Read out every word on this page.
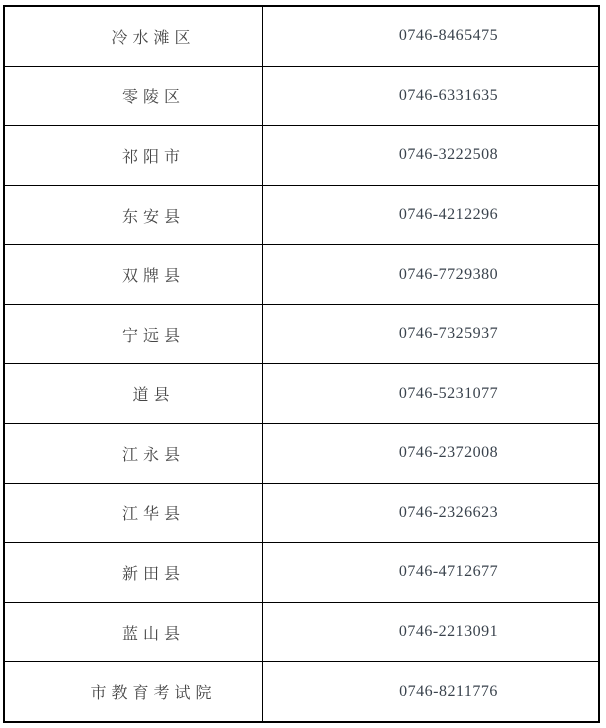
冷水滩区	0746-8465475
零陵区	0746-6331635
祁阳市	0746-3222508
东安县	0746-4212296
双牌县	0746-7729380
宁远县	0746-7325937
道县	0746-5231077
江永县	0746-2372008
江华县	0746-2326623
新田县	0746-4712677
蓝山县	0746-2213091
市教育考试院	0746-8211776
